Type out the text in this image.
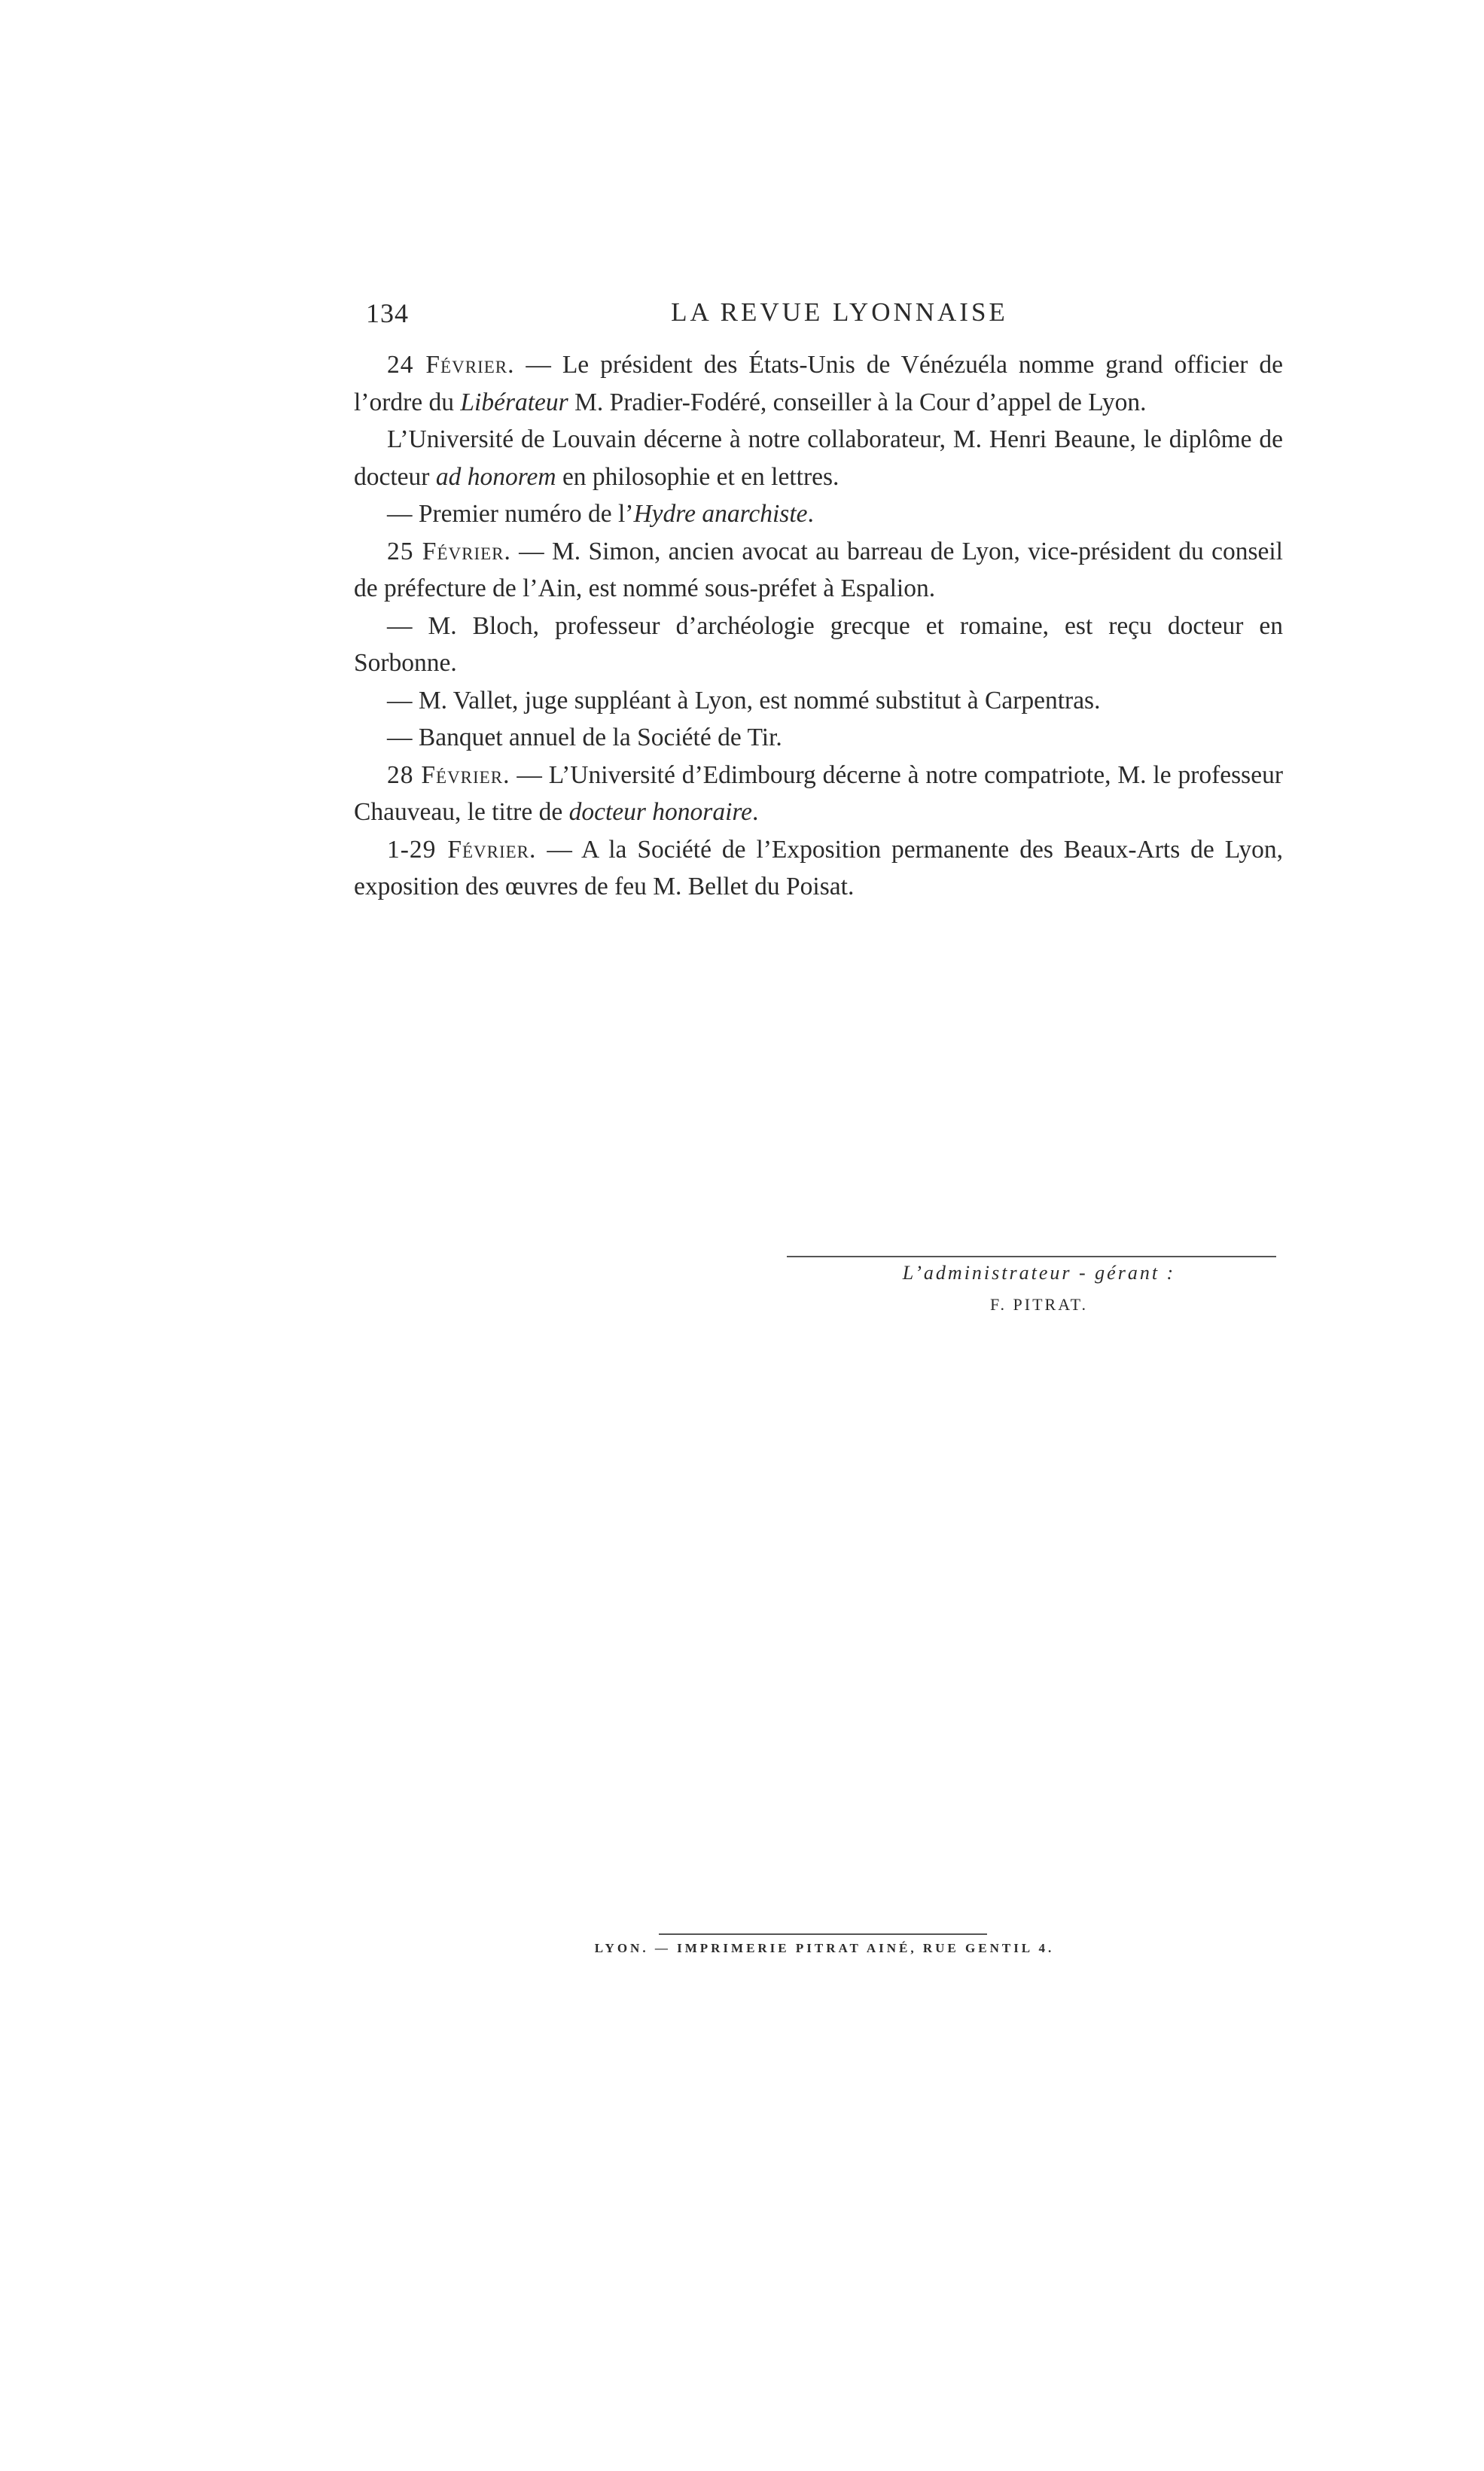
134	LA REVUE LYONNAISE

24 Février. — Le président des États-Unis de Vénézuéla nomme grand officier de l’ordre du Libérateur M. Pradier-Fodéré, conseiller à la Cour d’appel de Lyon.

L’Université de Louvain décerne à notre collaborateur, M. Henri Beaune, le diplôme de docteur ad honorem en philosophie et en lettres.

— Premier numéro de l’Hydre anarchiste.

25 Février. — M. Simon, ancien avocat au barreau de Lyon, vice-président du conseil de préfecture de l’Ain, est nommé sous-préfet à Espalion.

— M. Bloch, professeur d’archéologie grecque et romaine, est reçu docteur en Sorbonne.

— M. Vallet, juge suppléant à Lyon, est nommé substitut à Carpentras.

— Banquet annuel de la Société de Tir.

28 Février. — L’Université d’Edimbourg décerne à notre compatriote, M. le professeur Chauveau, le titre de docteur honoraire.

1-29 Février. — A la Société de l’Exposition permanente des Beaux-Arts de Lyon, exposition des œuvres de feu M. Bellet du Poisat.

L’administrateur - gérant :
F. PITRAT.
LYON. — IMPRIMERIE PITRAT AINÉ, RUE GENTIL 4.
